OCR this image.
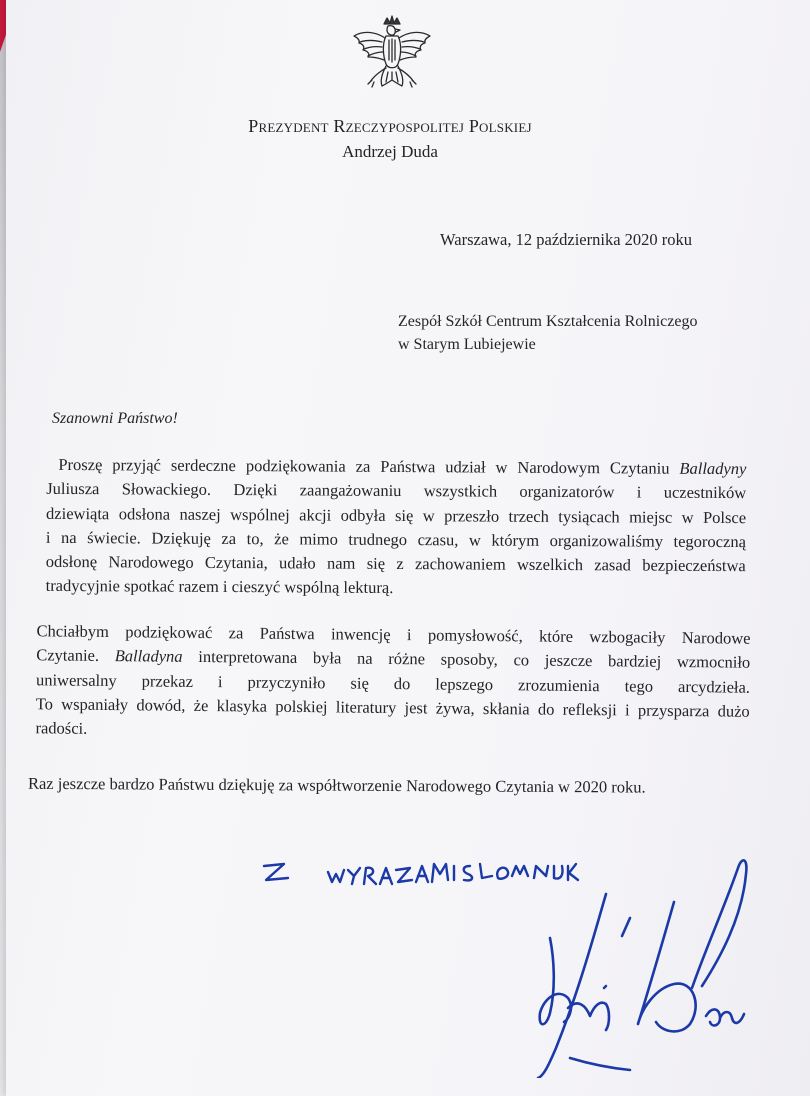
Prezydent Rzeczypospolitej Polskiej
Andrzej Duda
Warszawa, 12 października 2020 roku
Zespół Szkół Centrum Kształcenia Rolniczego
w Starym Lubiejewie
Szanowni Państwo!
Proszę przyjąć serdeczne podziękowania za Państwa udział w Narodowym Czytaniu Balladyny
Juliusza Słowackiego. Dzięki zaangażowaniu wszystkich organizatorów i uczestników
dziewiąta odsłona naszej wspólnej akcji odbyła się w przeszło trzech tysiącach miejsc w Polsce
i na świecie. Dziękuję za to, że mimo trudnego czasu, w którym organizowaliśmy tegoroczną
odsłonę Narodowego Czytania, udało nam się z zachowaniem wszelkich zasad bezpieczeństwa
tradycyjnie spotkać razem i cieszyć wspólną lekturą.
Chciałbym podziękować za Państwa inwencję i pomysłowość, które wzbogaciły Narodowe
Czytanie. Balladyna interpretowana była na różne sposoby, co jeszcze bardziej wzmocniło
uniwersalny przekaz i przyczyniło się do lepszego zrozumienia tego arcydzieła.
To wspaniały dowód, że klasyka polskiej literatury jest żywa, skłania do refleksji i przysparza dużo
radości.
Raz jeszcze bardzo Państwu dziękuję za współtworzenie Narodowego Czytania w 2020 roku.
